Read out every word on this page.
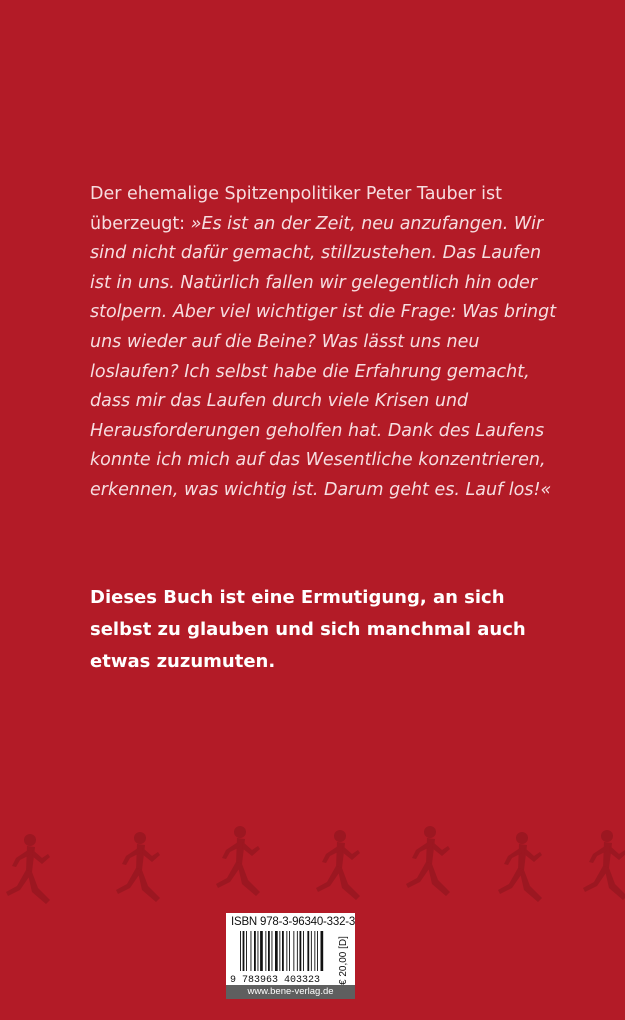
Der ehemalige Spitzenpolitiker Peter Tauber ist überzeugt: »Es ist an der Zeit, neu anzufangen. Wir sind nicht dafür gemacht, stillzustehen. Das Laufen ist in uns. Natürlich fallen wir gelegentlich hin oder stolpern. Aber viel wichtiger ist die Frage: Was bringt uns wieder auf die Beine? Was lässt uns neu loslaufen? Ich selbst habe die Erfahrung gemacht, dass mir das Laufen durch viele Krisen und Herausforderungen geholfen hat. Dank des Laufens konnte ich mich auf das Wesentliche konzentrieren, erkennen, was wichtig ist. Darum geht es. Lauf los!«

Dieses Buch ist eine Ermutigung, an sich selbst zu glauben und sich manchmal auch etwas zuzumuten.

ISBN 978-3-96340-332-3
9 783963 403323 € 20,00 [D]
www.bene-verlag.de
